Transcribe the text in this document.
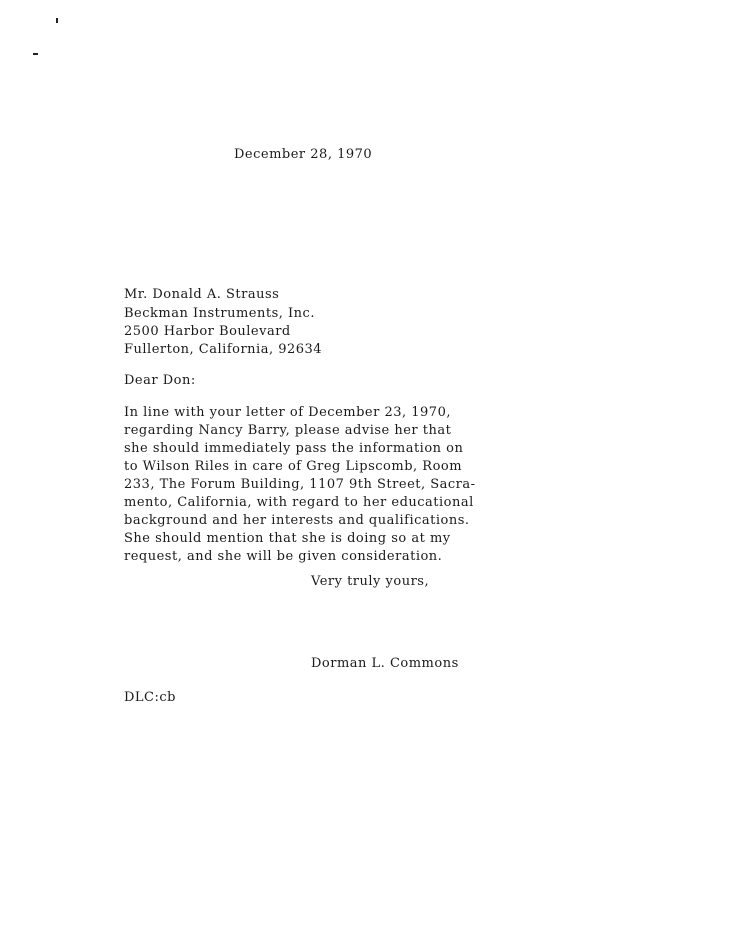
December 28, 1970
Mr. Donald A. Strauss
Beckman Instruments, Inc.
2500 Harbor Boulevard
Fullerton, California, 92634
Dear Don:
In line with your letter of December 23, 1970,
regarding Nancy Barry, please advise her that
she should immediately pass the information on
to Wilson Riles in care of Greg Lipscomb, Room
233, The Forum Building, 1107 9th Street, Sacra-
mento, California, with regard to her educational
background and her interests and qualifications.
She should mention that she is doing so at my
request, and she will be given consideration.
Very truly yours,
Dorman L. Commons
DLC:cb
